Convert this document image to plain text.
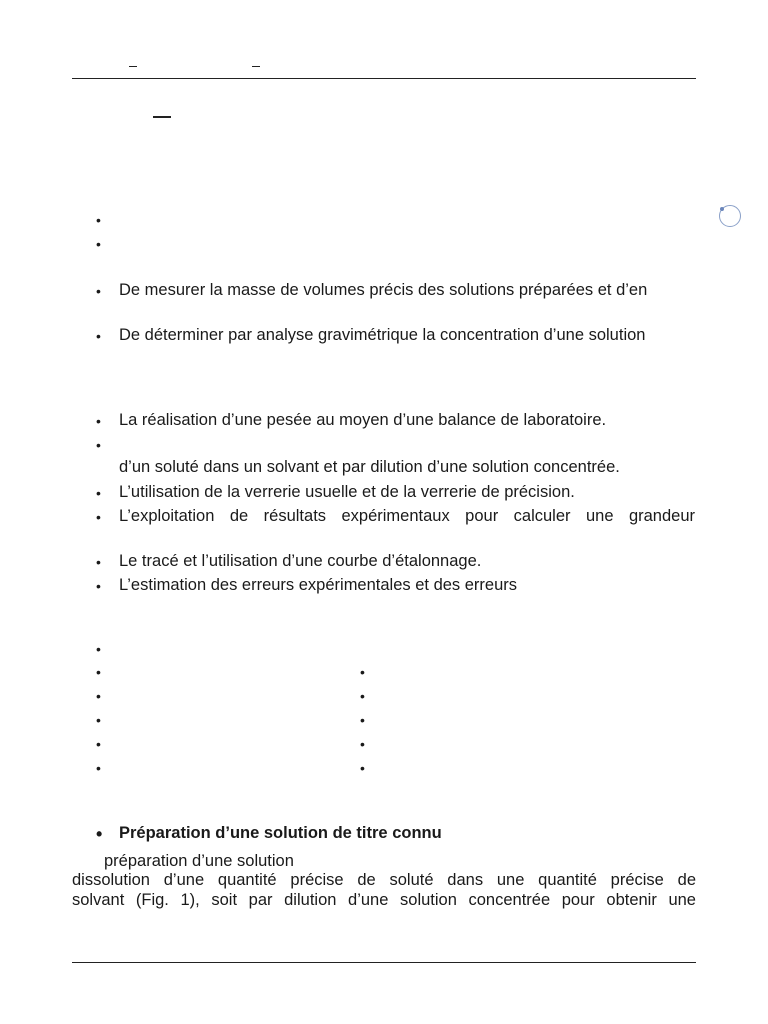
•
•
• De mesurer la masse de volumes précis des solutions préparées et d’en
• De déterminer par analyse gravimétrique la concentration d’une solution
• La réalisation d’une pesée au moyen d’une balance de laboratoire.
•
d’un soluté dans un solvant et par dilution d’une solution concentrée.
• L’utilisation de la verrerie usuelle et de la verrerie de précision.
• L’exploitation de résultats expérimentaux pour calculer une grandeur
• Le tracé et l’utilisation d’une courbe d’étalonnage.
• L’estimation des erreurs expérimentales et des erreurs
•
•
•
•
•
•
•
•
•
•
•
• Préparation d’une solution de titre connu
préparation d’une solution
dissolution d’une quantité précise de soluté dans une quantité précise de
solvant (Fig. 1), soit par dilution d’une solution concentrée pour obtenir une
